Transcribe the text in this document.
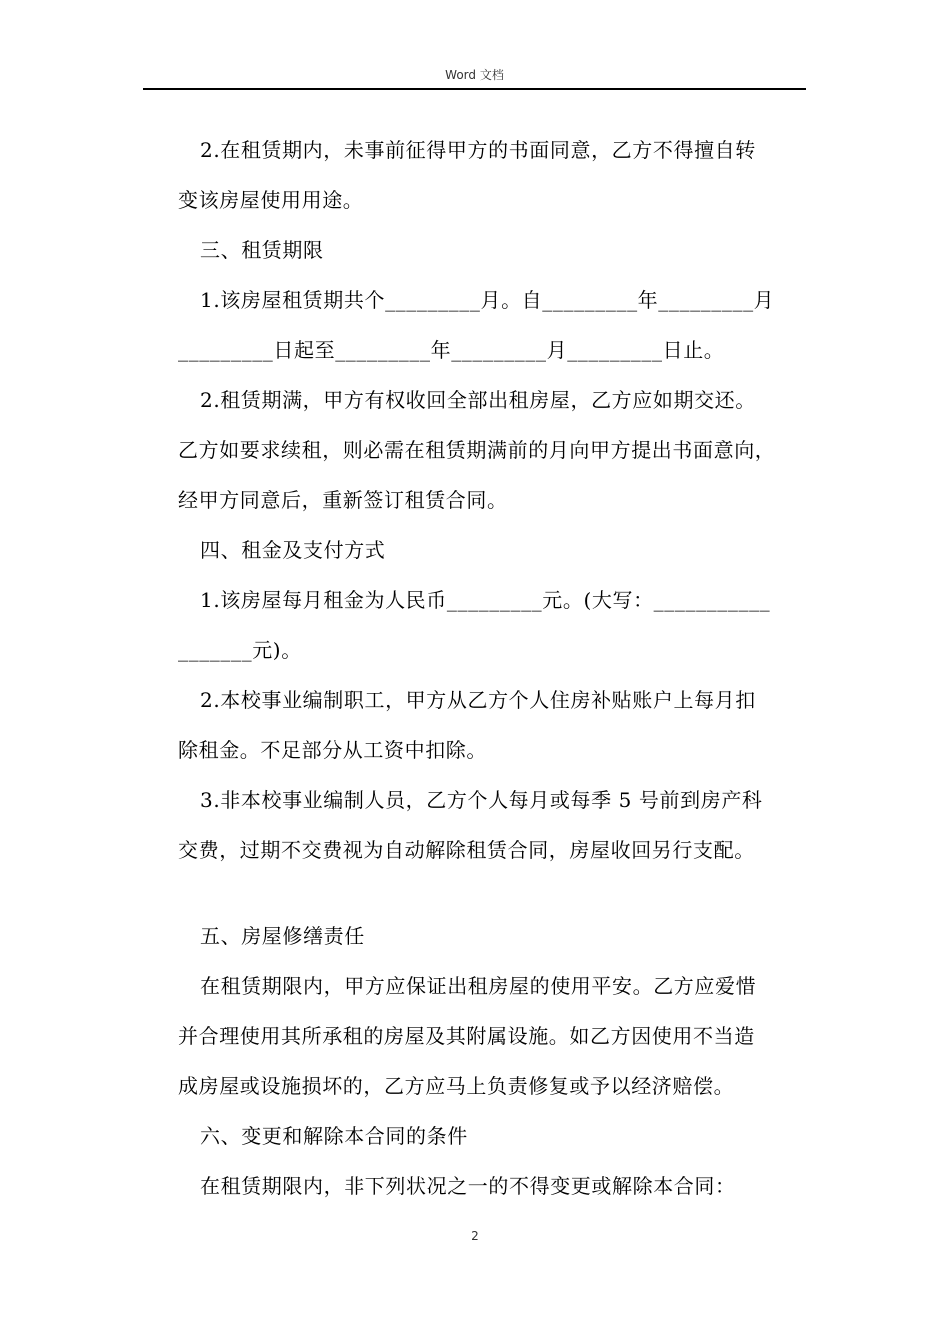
Word 文档
2.在租赁期内，未事前征得甲方的书面同意，乙方不得擅自转
变该房屋使用用途。
三、租赁期限
1.该房屋租赁期共个_________月。自_________年_________月
_________日起至_________年_________月_________日止。
2.租赁期满，甲方有权收回全部出租房屋，乙方应如期交还。
乙方如要求续租，则必需在租赁期满前的月向甲方提出书面意向，
经甲方同意后，重新签订租赁合同。
四、租金及支付方式
1.该房屋每月租金为人民币_________元。(大写：___________
_______元)。
2.本校事业编制职工，甲方从乙方个人住房补贴账户上每月扣
除租金。不足部分从工资中扣除。
3.非本校事业编制人员，乙方个人每月或每季 5 号前到房产科
交费，过期不交费视为自动解除租赁合同，房屋收回另行支配。
五、房屋修缮责任
在租赁期限内，甲方应保证出租房屋的使用平安。乙方应爱惜
并合理使用其所承租的房屋及其附属设施。如乙方因使用不当造
成房屋或设施损坏的，乙方应马上负责修复或予以经济赔偿。
六、变更和解除本合同的条件
在租赁期限内，非下列状况之一的不得变更或解除本合同：
2
